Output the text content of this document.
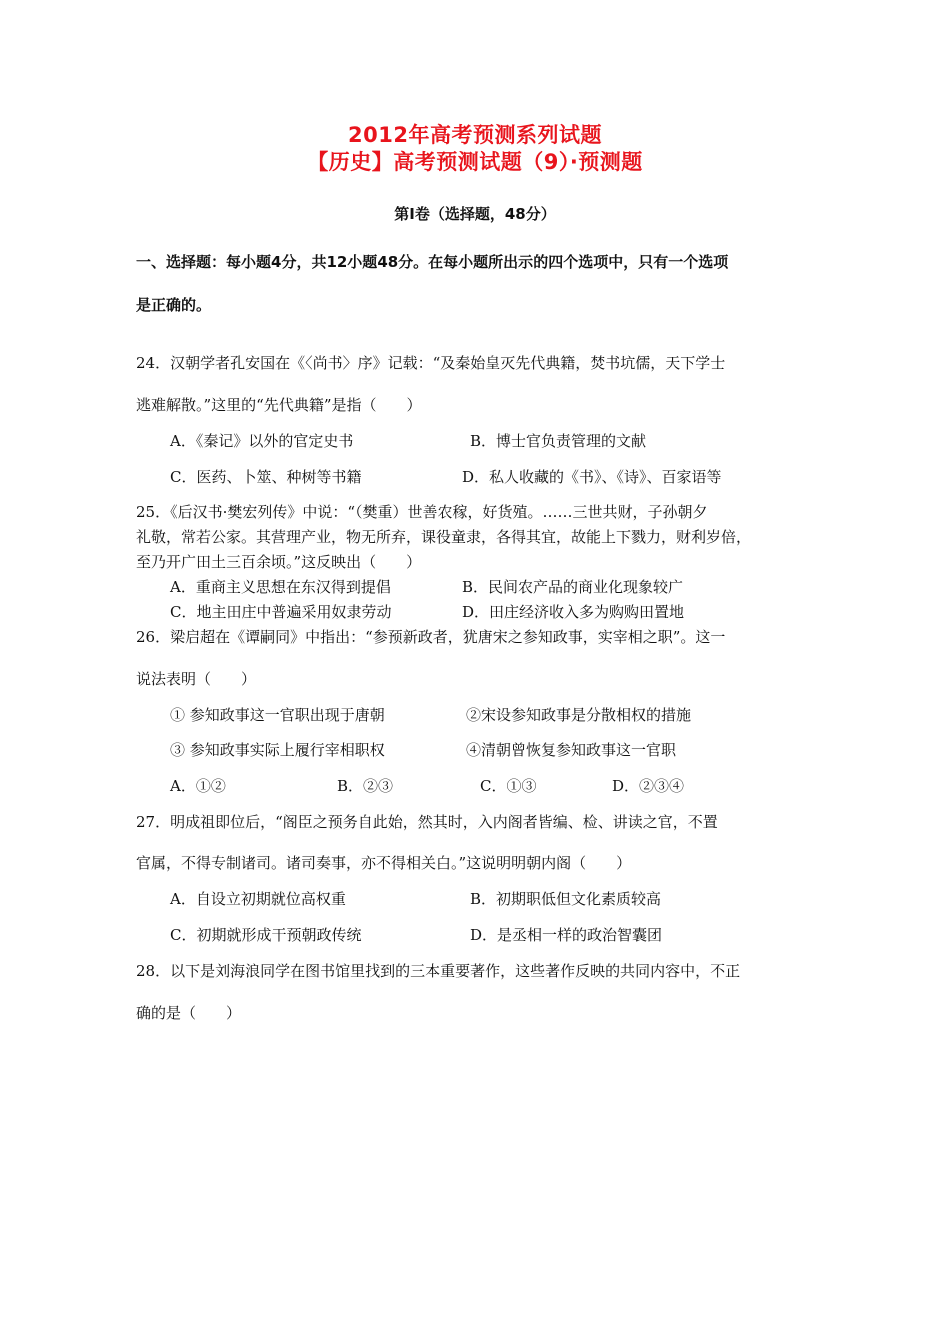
2012年高考预测系列试题
【历史】高考预测试题（9）·预测题
第Ⅰ卷（选择题，48分）
一、选择题：每小题4分，共12小题48分。在每小题所出示的四个选项中，只有一个选项
是正确的。
24．汉朝学者孔安国在《〈尚书〉序》记载：“及秦始皇灭先代典籍，焚书坑儒，天下学士
逃难解散。”这里的“先代典籍”是指（　　）
A．《秦记》以外的官定史书	B．博士官负责管理的文献
C．医药、卜筮、种树等书籍	D．私人收藏的《书》、《诗》、百家语等
25．《后汉书·樊宏列传》中说：“（樊重）世善农稼，好货殖。……三世共财，子孙朝夕
礼敬，常若公家。其营理产业，物无所弃，课役童隶，各得其宜，故能上下戮力，财利岁倍，
至乃开广田土三百余顷。”这反映出（　　）
A．重商主义思想在东汉得到提倡	B．民间农产品的商业化现象较广
C．地主田庄中普遍采用奴隶劳动	D．田庄经济收入多为购购田置地
26．梁启超在《谭嗣同》中指出：“参预新政者，犹唐宋之参知政事，实宰相之职”。这一
说法表明（　　）
① 参知政事这一官职出现于唐朝	②宋设参知政事是分散相权的措施
③ 参知政事实际上履行宰相职权	④清朝曾恢复参知政事这一官职
A．①②	B．②③	C．①③	D．②③④
27．明成祖即位后，“阁臣之预务自此始，然其时，入内阁者皆编、检、讲读之官，不置
官属，不得专制诸司。诸司奏事，亦不得相关白。”这说明明朝内阁（　　）
A．自设立初期就位高权重	B．初期职低但文化素质较高
C．初期就形成干预朝政传统	D．是丞相一样的政治智囊团
28．以下是刘海浪同学在图书馆里找到的三本重要著作，这些著作反映的共同内容中，不正
确的是（　　）
